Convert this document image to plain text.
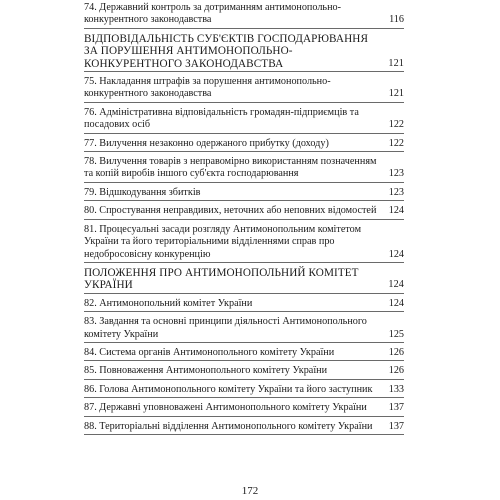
74. Державний контроль за дотриманням антимонопольно-конкурентного законодавства	116
ВІДПОВІДАЛЬНІСТЬ СУБ'ЄКТІВ ГОСПОДАРЮВАННЯ ЗА ПОРУШЕННЯ АНТИМОНОПОЛЬНО-КОНКУРЕНТНОГО ЗАКОНОДАВСТВА	121
75. Накладання штрафів за порушення антимонопольно-конкурентного законодавства	121
76. Адміністративна відповідальність громадян-підприємців та посадових осіб	122
77. Вилучення незаконно одержаного прибутку (доходу)	122
78. Вилучення товарів з неправомірно використанням позначенням та копій виробів іншого суб'єкта господарювання	123
79. Відшкодування збитків	123
80. Спростування неправдивих, неточних або неповних відомостей	124
81. Процесуальні засади розгляду Антимонопольним комітетом України та його територіальними відділеннями справ про недобросовісну конкуренцію	124
ПОЛОЖЕННЯ ПРО АНТИМОНОПОЛЬНИЙ КОМІТЕТ УКРАЇНИ	124
82. Антимонопольний комітет України	124
83. Завдання та основні принципи діяльності Антимонопольного комітету України	125
84. Система органів Антимонопольного комітету України	126
85. Повноваження Антимонопольного комітету України	126
86. Голова Антимонопольного комітету України та його заступник	133
87. Державні уповноважені Антимонопольного комітету України	137
88. Територіальні відділення Антимонопольного комітету України	137
172
